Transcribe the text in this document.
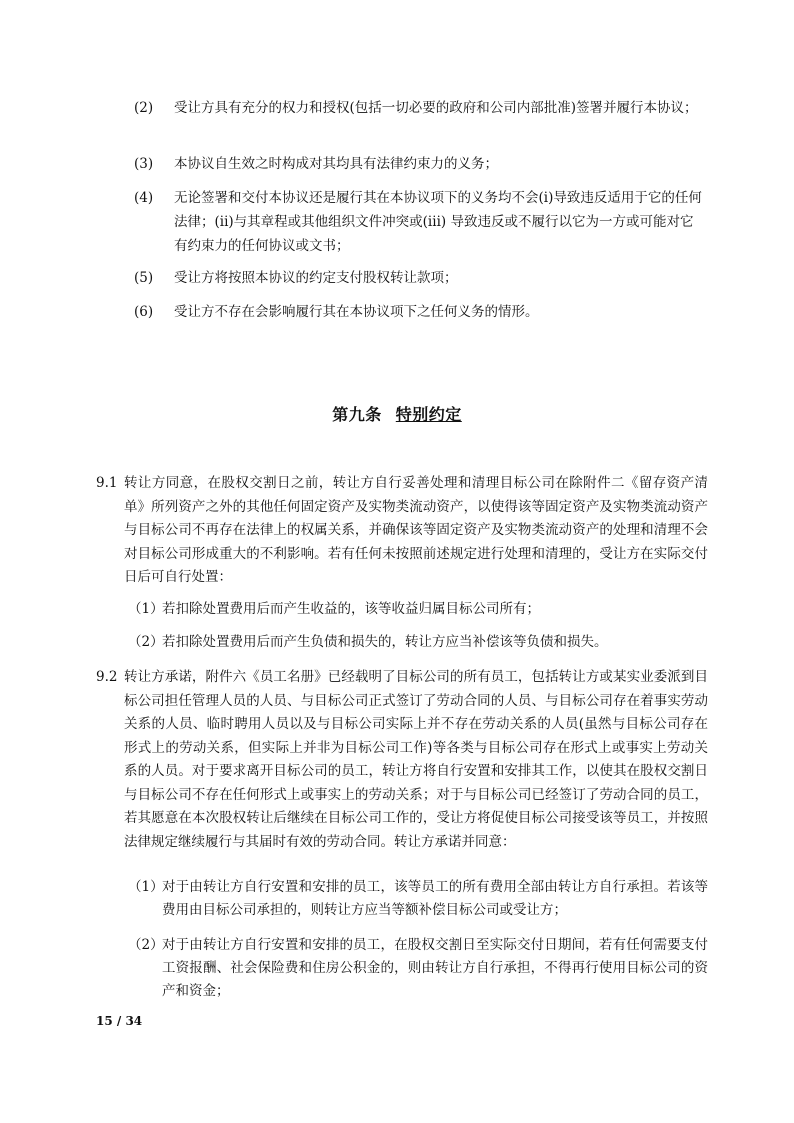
(2)	受让方具有充分的权力和授权(包括一切必要的政府和公司内部批准)签署并履行本协议；
(3)	本协议自生效之时构成对其均具有法律约束力的义务；
(4)	无论签署和交付本协议还是履行其在本协议项下的义务均不会(i)导致违反适用于它的任何法律；(ii)与其章程或其他组织文件冲突或(iii) 导致违反或不履行以它为一方或可能对它有约束力的任何协议或文书；
(5)	受让方将按照本协议的约定支付股权转让款项；
(6)	受让方不存在会影响履行其在本协议项下之任何义务的情形。
第九条 特别约定
9.1 转让方同意，在股权交割日之前，转让方自行妥善处理和清理目标公司在除附件二《留存资产清单》所列资产之外的其他任何固定资产及实物类流动资产，以使得该等固定资产及实物类流动资产与目标公司不再存在法律上的权属关系，并确保该等固定资产及实物类流动资产的处理和清理不会对目标公司形成重大的不利影响。若有任何未按照前述规定进行处理和清理的，受让方在实际交付日后可自行处置：
（1）
若扣除处置费用后而产生收益的，该等收益归属目标公司所有；
（2）
若扣除处置费用后而产生负债和损失的，转让方应当补偿该等负债和损失。
9.2 转让方承诺，附件六《员工名册》已经载明了目标公司的所有员工，包括转让方或某实业委派到目标公司担任管理人员的人员、与目标公司正式签订了劳动合同的人员、与目标公司存在着事实劳动关系的人员、临时聘用人员以及与目标公司实际上并不存在劳动关系的人员(虽然与目标公司存在形式上的劳动关系，但实际上并非为目标公司工作)等各类与目标公司存在形式上或事实上劳动关系的人员。对于要求离开目标公司的员工，转让方将自行安置和安排其工作，以使其在股权交割日与目标公司不存在任何形式上或事实上的劳动关系；对于与目标公司已经签订了劳动合同的员工，若其愿意在本次股权转让后继续在目标公司工作的，受让方将促使目标公司接受该等员工，并按照法律规定继续履行与其届时有效的劳动合同。转让方承诺并同意：
（1）
对于由转让方自行安置和安排的员工，该等员工的所有费用全部由转让方自行承担。若该等费用由目标公司承担的，则转让方应当等额补偿目标公司或受让方；
（2）
对于由转让方自行安置和安排的员工，在股权交割日至实际交付日期间，若有任何需要支付工资报酬、社会保险费和住房公积金的，则由转让方自行承担，不得再行使用目标公司的资产和资金；
15 / 34
